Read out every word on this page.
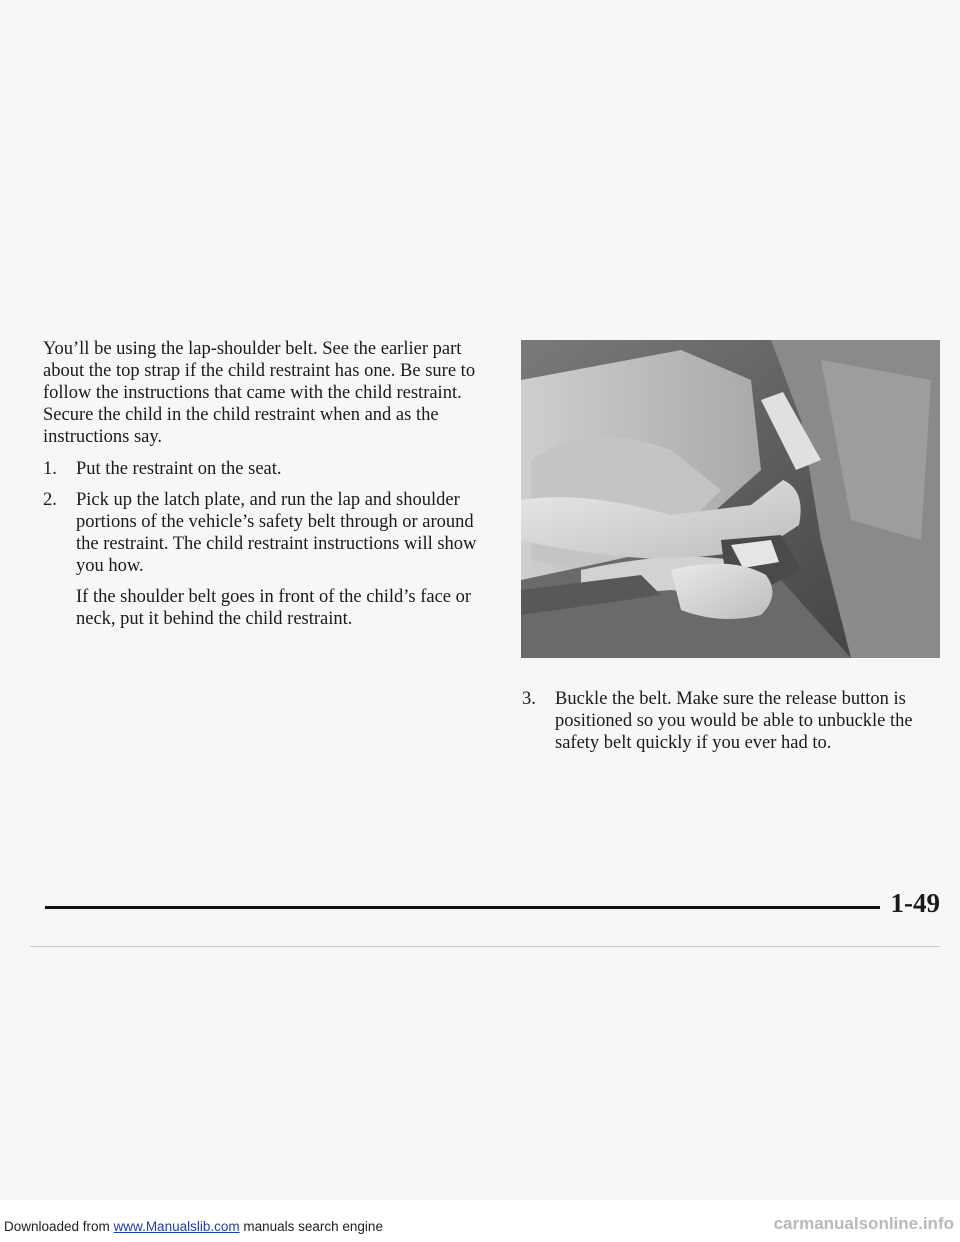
You’ll be using the lap-shoulder belt. See the earlier part about the top strap if the child restraint has one. Be sure to follow the instructions that came with the child restraint. Secure the child in the child restraint when and as the instructions say.

1. Put the restraint on the seat.
2. Pick up the latch plate, and run the lap and shoulder portions of the vehicle’s safety belt through or around the restraint. The child restraint instructions will show you how.

If the shoulder belt goes in front of the child’s face or neck, put it behind the child restraint.

3. Buckle the belt. Make sure the release button is positioned so you would be able to unbuckle the safety belt quickly if you ever had to.
1-49
Downloaded from www.Manualslib.com manuals search engine	carmanualsonline.info
